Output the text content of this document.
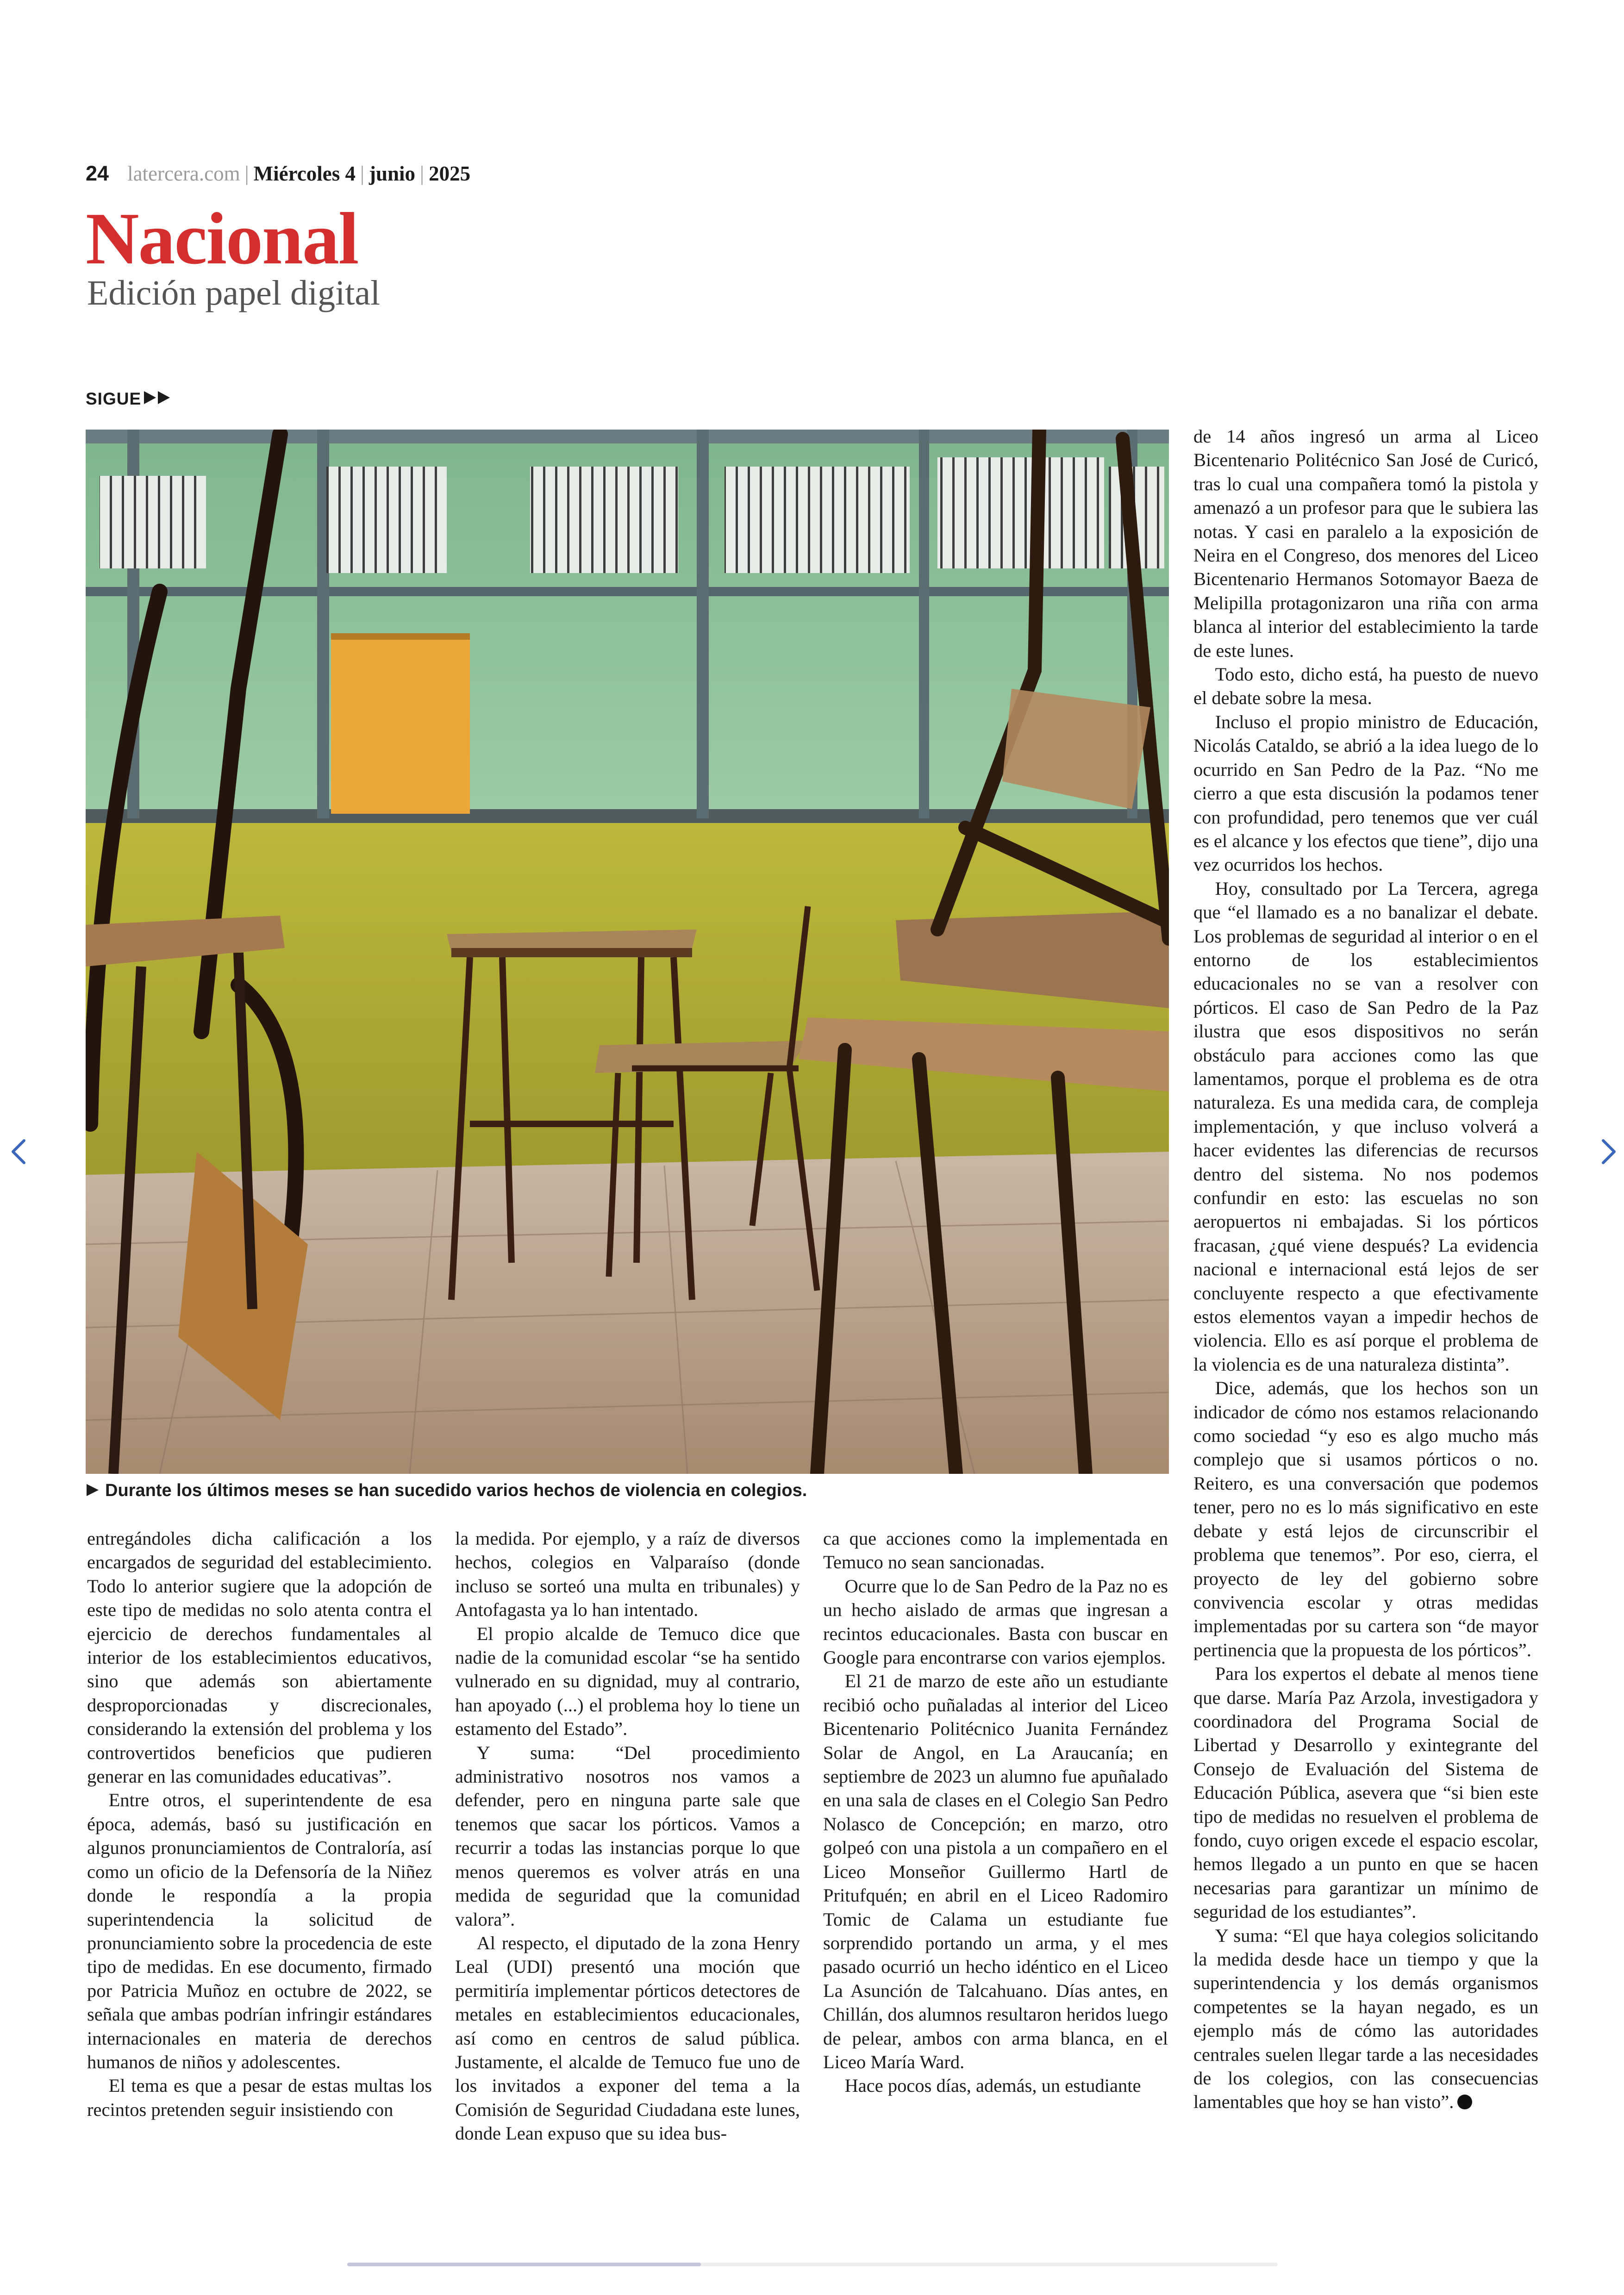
24 latercera.com | Miércoles 4 | junio | 2025
Nacional
Edición papel digital
SIGUE
Durante los últimos meses se han sucedido varios hechos de violencia en colegios.

entregándoles dicha calificación a los encargados de seguridad del establecimiento. Todo lo anterior sugiere que la adopción de este tipo de medidas no solo atenta contra el ejercicio de derechos fundamentales al interior de los establecimientos educativos, sino que además son abiertamente desproporcionadas y discrecionales, considerando la extensión del problema y los controvertidos beneficios que pudieren generar en las comunidades educativas”.

Entre otros, el superintendente de esa época, además, basó su justificación en algunos pronunciamientos de Contraloría, así como un oficio de la Defensoría de la Niñez donde le respondía a la propia superintendencia la solicitud de pronunciamiento sobre la procedencia de este tipo de medidas. En ese documento, firmado por Patricia Muñoz en octubre de 2022, se señala que ambas podrían infringir estándares internacionales en materia de derechos humanos de niños y adolescentes.

El tema es que a pesar de estas multas los recintos pretenden seguir insistiendo con

la medida. Por ejemplo, y a raíz de diversos hechos, colegios en Valparaíso (donde incluso se sorteó una multa en tribunales) y Antofagasta ya lo han intentado.

El propio alcalde de Temuco dice que nadie de la comunidad escolar “se ha sentido vulnerado en su dignidad, muy al contrario, han apoyado (...) el problema hoy lo tiene un estamento del Estado”.

Y suma: “Del procedimiento administrativo nosotros nos vamos a defender, pero en ninguna parte sale que tenemos que sacar los pórticos. Vamos a recurrir a todas las instancias porque lo que menos queremos es volver atrás en una medida de seguridad que la comunidad valora”.

Al respecto, el diputado de la zona Henry Leal (UDI) presentó una moción que permitiría implementar pórticos detectores de metales en establecimientos educacionales, así como en centros de salud pública. Justamente, el alcalde de Temuco fue uno de los invitados a exponer del tema a la Comisión de Seguridad Ciudadana este lunes, donde Lean expuso que su idea bus-

ca que acciones como la implementada en Temuco no sean sancionadas.

Ocurre que lo de San Pedro de la Paz no es un hecho aislado de armas que ingresan a recintos educacionales. Basta con buscar en Google para encontrarse con varios ejemplos.

El 21 de marzo de este año un estudiante recibió ocho puñaladas al interior del Liceo Bicentenario Politécnico Juanita Fernández Solar de Angol, en La Araucanía; en septiembre de 2023 un alumno fue apuñalado en una sala de clases en el Colegio San Pedro Nolasco de Concepción; en marzo, otro golpeó con una pistola a un compañero en el Liceo Monseñor Guillermo Hartl de Pritufquén; en abril en el Liceo Radomiro Tomic de Calama un estudiante fue sorprendido portando un arma, y el mes pasado ocurrió un hecho idéntico en el Liceo La Asunción de Talcahuano. Días antes, en Chillán, dos alumnos resultaron heridos luego de pelear, ambos con arma blanca, en el Liceo María Ward.

Hace pocos días, además, un estudiante

de 14 años ingresó un arma al Liceo Bicentenario Politécnico San José de Curicó, tras lo cual una compañera tomó la pistola y amenazó a un profesor para que le subiera las notas. Y casi en paralelo a la exposición de Neira en el Congreso, dos menores del Liceo Bicentenario Hermanos Sotomayor Baeza de Melipilla protagonizaron una riña con arma blanca al interior del establecimiento la tarde de este lunes.

Todo esto, dicho está, ha puesto de nuevo el debate sobre la mesa.

Incluso el propio ministro de Educación, Nicolás Cataldo, se abrió a la idea luego de lo ocurrido en San Pedro de la Paz. “No me cierro a que esta discusión la podamos tener con profundidad, pero tenemos que ver cuál es el alcance y los efectos que tiene”, dijo una vez ocurridos los hechos.

Hoy, consultado por La Tercera, agrega que “el llamado es a no banalizar el debate. Los problemas de seguridad al interior o en el entorno de los establecimientos educacionales no se van a resolver con pórticos. El caso de San Pedro de la Paz ilustra que esos dispositivos no serán obstáculo para acciones como las que lamentamos, porque el problema es de otra naturaleza. Es una medida cara, de compleja implementación, y que incluso volverá a hacer evidentes las diferencias de recursos dentro del sistema. No nos podemos confundir en esto: las escuelas no son aeropuertos ni embajadas. Si los pórticos fracasan, ¿qué viene después? La evidencia nacional e internacional está lejos de ser concluyente respecto a que efectivamente estos elementos vayan a impedir hechos de violencia. Ello es así porque el problema de la violencia es de una naturaleza distinta”.

Dice, además, que los hechos son un indicador de cómo nos estamos relacionando como sociedad “y eso es algo mucho más complejo que si usamos pórticos o no. Reitero, es una conversación que podemos tener, pero no es lo más significativo en este debate y está lejos de circunscribir el problema que tenemos”. Por eso, cierra, el proyecto de ley del gobierno sobre convivencia escolar y otras medidas implementadas por su cartera son “de mayor pertinencia que la propuesta de los pórticos”.

Para los expertos el debate al menos tiene que darse. María Paz Arzola, investigadora y coordinadora del Programa Social de Libertad y Desarrollo y exintegrante del Consejo de Evaluación del Sistema de Educación Pública, asevera que “si bien este tipo de medidas no resuelven el problema de fondo, cuyo origen excede el espacio escolar, hemos llegado a un punto en que se hacen necesarias para garantizar un mínimo de seguridad de los estudiantes”.

Y suma: “El que haya colegios solicitando la medida desde hace un tiempo y que la superintendencia y los demás organismos competentes se la hayan negado, es un ejemplo más de cómo las autoridades centrales suelen llegar tarde a las necesidades de los colegios, con las consecuencias lamentables que hoy se han visto”.
